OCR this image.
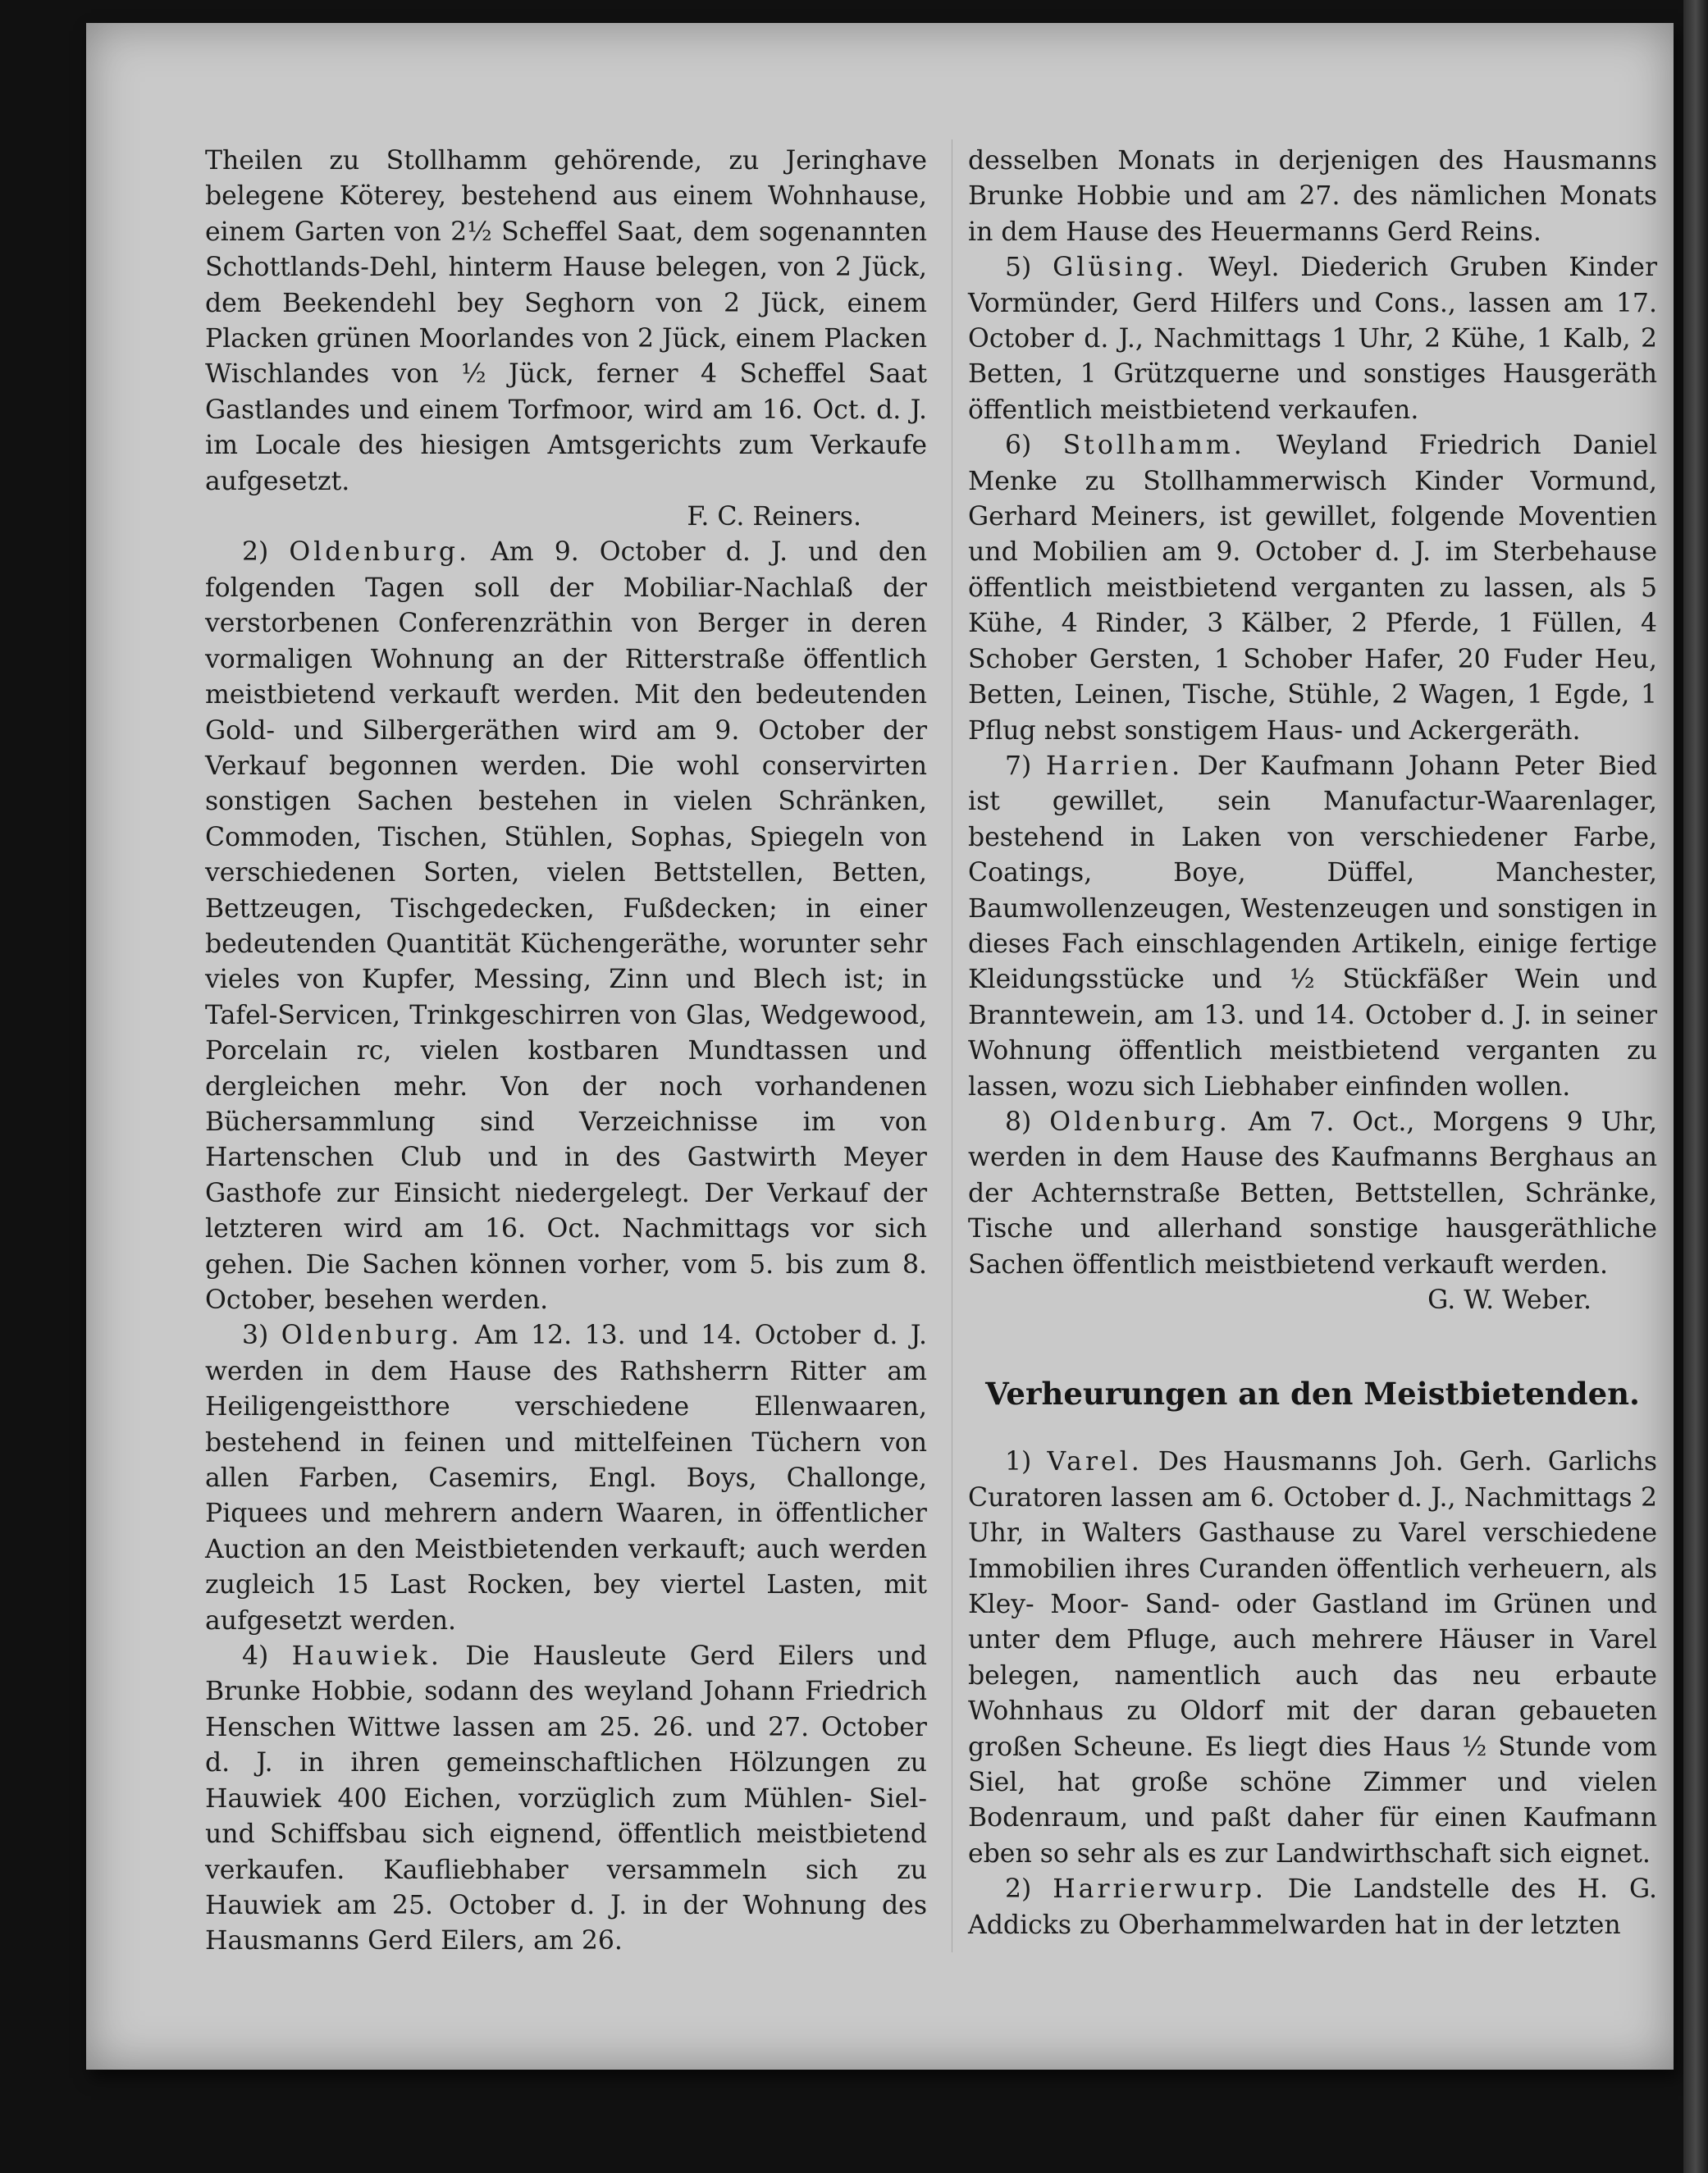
Theilen zu Stollhamm gehörende, zu Jeringhave belegene Köterey, bestehend aus einem Wohnhause, einem Garten von 2½ Scheffel Saat, dem sogenannten Schottlands-Dehl, hinterm Hause belegen, von 2 Jück, dem Beekendehl bey Seghorn von 2 Jück, einem Placken grünen Moorlandes von 2 Jück, einem Placken Wischlandes von ½ Jück, ferner 4 Scheffel Saat Gastlandes und einem Torfmoor, wird am 16. Oct. d. J. im Locale des hiesigen Amtsgerichts zum Verkaufe aufgesetzt.

F. C. Reiners.

2) Oldenburg. Am 9. October d. J. und den folgenden Tagen soll der Mobiliar-Nachlaß der verstorbenen Conferenzräthin von Berger in deren vormaligen Wohnung an der Ritterstraße öffentlich meistbietend verkauft werden. Mit den bedeutenden Gold- und Silbergeräthen wird am 9. October der Verkauf begonnen werden. Die wohl conservirten sonstigen Sachen bestehen in vielen Schränken, Commoden, Tischen, Stühlen, Sophas, Spiegeln von verschiedenen Sorten, vielen Bettstellen, Betten, Bettzeugen, Tischgedecken, Fußdecken; in einer bedeutenden Quantität Küchengeräthe, worunter sehr vieles von Kupfer, Messing, Zinn und Blech ist; in Tafel-Servicen, Trinkgeschirren von Glas, Wedgewood, Porcelain rc, vielen kostbaren Mundtassen und dergleichen mehr. Von der noch vorhandenen Büchersammlung sind Verzeichnisse im von Hartenschen Club und in des Gastwirth Meyer Gasthofe zur Einsicht niedergelegt. Der Verkauf der letzteren wird am 16. Oct. Nachmittags vor sich gehen. Die Sachen können vorher, vom 5. bis zum 8. October, besehen werden.

3) Oldenburg. Am 12. 13. und 14. October d. J. werden in dem Hause des Rathsherrn Ritter am Heiligengeistthore verschiedene Ellenwaaren, bestehend in feinen und mittelfeinen Tüchern von allen Farben, Casemirs, Engl. Boys, Challonge, Piquees und mehrern andern Waaren, in öffentlicher Auction an den Meistbietenden verkauft; auch werden zugleich 15 Last Rocken, bey viertel Lasten, mit aufgesetzt werden.

4) Hauwiek. Die Hausleute Gerd Eilers und Brunke Hobbie, sodann des weyland Johann Friedrich Henschen Wittwe lassen am 25. 26. und 27. October d. J. in ihren gemeinschaftlichen Hölzungen zu Hauwiek 400 Eichen, vorzüglich zum Mühlen- Siel- und Schiffsbau sich eignend, öffentlich meistbietend verkaufen. Kaufliebhaber versammeln sich zu Hauwiek am 25. October d. J. in der Wohnung des Hausmanns Gerd Eilers, am 26.

desselben Monats in derjenigen des Hausmanns Brunke Hobbie und am 27. des nämlichen Monats in dem Hause des Heuermanns Gerd Reins.

5) Glüsing. Weyl. Diederich Gruben Kinder Vormünder, Gerd Hilfers und Cons., lassen am 17. October d. J., Nachmittags 1 Uhr, 2 Kühe, 1 Kalb, 2 Betten, 1 Grützquerne und sonstiges Hausgeräth öffentlich meistbietend verkaufen.

6) Stollhamm. Weyland Friedrich Daniel Menke zu Stollhammerwisch Kinder Vormund, Gerhard Meiners, ist gewillet, folgende Moventien und Mobilien am 9. October d. J. im Sterbehause öffentlich meistbietend verganten zu lassen, als 5 Kühe, 4 Rinder, 3 Kälber, 2 Pferde, 1 Füllen, 4 Schober Gersten, 1 Schober Hafer, 20 Fuder Heu, Betten, Leinen, Tische, Stühle, 2 Wagen, 1 Egde, 1 Pflug nebst sonstigem Haus- und Ackergeräth.

7) Harrien. Der Kaufmann Johann Peter Bied ist gewillet, sein Manufactur-Waarenlager, bestehend in Laken von verschiedener Farbe, Coatings, Boye, Düffel, Manchester, Baumwollenzeugen, Westenzeugen und sonstigen in dieses Fach einschlagenden Artikeln, einige fertige Kleidungsstücke und ½ Stückfäßer Wein und Branntewein, am 13. und 14. October d. J. in seiner Wohnung öffentlich meistbietend verganten zu lassen, wozu sich Liebhaber einfinden wollen.

8) Oldenburg. Am 7. Oct., Morgens 9 Uhr, werden in dem Hause des Kaufmanns Berghaus an der Achternstraße Betten, Bettstellen, Schränke, Tische und allerhand sonstige hausgeräthliche Sachen öffentlich meistbietend verkauft werden.

G. W. Weber.

Verheurungen an den Meistbietenden.

1) Varel. Des Hausmanns Joh. Gerh. Garlichs Curatoren lassen am 6. October d. J., Nachmittags 2 Uhr, in Walters Gasthause zu Varel verschiedene Immobilien ihres Curanden öffentlich verheuern, als Kley- Moor- Sand- oder Gastland im Grünen und unter dem Pfluge, auch mehrere Häuser in Varel belegen, namentlich auch das neu erbaute Wohnhaus zu Oldorf mit der daran gebaueten großen Scheune. Es liegt dies Haus ½ Stunde vom Siel, hat große schöne Zimmer und vielen Bodenraum, und paßt daher für einen Kaufmann eben so sehr als es zur Landwirthschaft sich eignet.

2) Harrierwurp. Die Landstelle des H. G. Addicks zu Oberhammelwarden hat in der letzten
